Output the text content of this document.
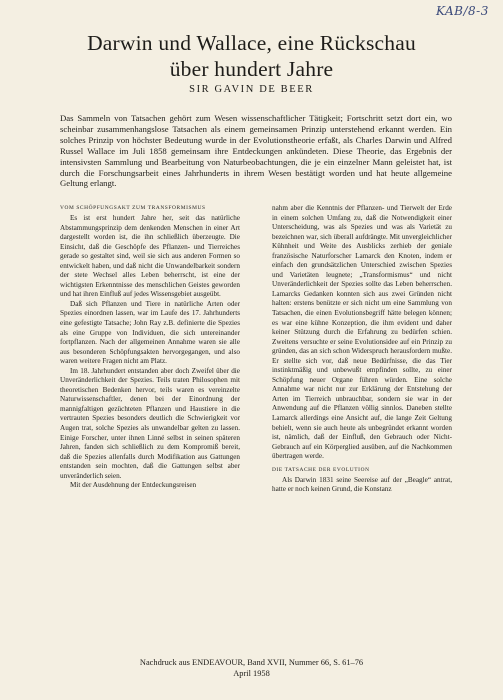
KAB/8-3
Darwin und Wallace, eine Rückschau
über hundert Jahre
SIR GAVIN DE BEER

Das Sammeln von Tatsachen gehört zum Wesen wissenschaftlicher Tätigkeit; Fortschritt setzt dort ein, wo scheinbar zusammenhangslose Tatsachen als einem gemeinsamen Prinzip unterstehend erkannt werden. Ein solches Prinzip von höchster Bedeutung wurde in der Evolutionstheorie erfaßt, als Charles Darwin und Alfred Russel Wallace im Juli 1858 gemeinsam ihre Entdeckungen ankündeten. Diese Theorie, das Ergebnis der intensivsten Sammlung und Bearbeitung von Naturbeobachtungen, die je ein einzelner Mann geleistet hat, ist durch die Forschungsarbeit eines Jahrhunderts in ihrem Wesen bestätigt worden und hat heute allgemeine Geltung erlangt.

VOM SCHÖPFUNGSAKT ZUM TRANSFORMISMUS

Es ist erst hundert Jahre her, seit das natürliche Abstammungsprinzip dem denkenden Menschen in einer Art dargestellt worden ist, die ihn schließlich überzeugte. Die Einsicht, daß die Geschöpfe des Pflanzen- und Tierreiches gerade so gestaltet sind, weil sie sich aus anderen Formen so entwickelt haben, und daß nicht die Unwandelbarkeit sondern der stete Wechsel alles Leben beherrscht, ist eine der wichtigsten Erkenntnisse des menschlichen Geistes geworden und hat ihren Einfluß auf jedes Wissensgebiet ausgeübt.

Daß sich Pflanzen und Tiere in natürliche Arten oder Spezies einordnen lassen, war im Laufe des 17. Jahrhunderts eine gefestigte Tatsache; John Ray z.B. definierte die Spezies als eine Gruppe von Individuen, die sich untereinander fortpflanzen. Nach der allgemeinen Annahme waren sie alle aus besonderen Schöpfungsakten hervorgegangen, und also waren weitere Fragen nicht am Platz.

Im 18. Jahrhundert entstanden aber doch Zweifel über die Unveränderlichkeit der Spezies. Teils traten Philosophen mit theoretischen Bedenken hervor, teils waren es vereinzelte Naturwissenschaftler, denen bei der Einordnung der mannigfaltigen gezüchteten Pflanzen und Haustiere in die vertrauten Spezies besonders deutlich die Schwierigkeit vor Augen trat, solche Spezies als unwandelbar gelten zu lassen. Einige Forscher, unter ihnen Linné selbst in seinen späteren Jahren, fanden sich schließlich zu dem Kompromiß bereit, daß die Spezies allenfalls durch Modifikation aus Gattungen entstanden sein mochten, daß die Gattungen selbst aber unveränderlich seien.

Mit der Ausdehnung der Entdeckungsreisen

nahm aber die Kenntnis der Pflanzen- und Tierwelt der Erde in einem solchen Umfang zu, daß die Notwendigkeit einer Unterscheidung, was als Spezies und was als Varietät zu bezeichnen war, sich überall aufdrängte. Mit unvergleichlicher Kühnheit und Weite des Ausblicks zerhieb der geniale französische Naturforscher Lamarck den Knoten, indem er einfach den grundsätzlichen Unterschied zwischen Spezies und Varietäten leugnete; „Transformismus“ und nicht Unveränderlichkeit der Spezies sollte das Leben beherrschen. Lamarcks Gedanken konnten sich aus zwei Gründen nicht halten: erstens benützte er sich nicht um eine Sammlung von Tatsachen, die einen Evolutionsbegriff hätte belegen können; es war eine kühne Konzeption, die ihm evident und daher keiner Stützung durch die Erfahrung zu bedürfen schien. Zweitens versuchte er seine Evolutionsidee auf ein Prinzip zu gründen, das an sich schon Widerspruch herausfordern mußte. Er stellte sich vor, daß neue Bedürfnisse, die das Tier instinktmäßig und unbewußt empfinden sollte, zu einer Schöpfung neuer Organe führen würden. Eine solche Annahme war nicht nur zur Erklärung der Entstehung der Arten im Tierreich unbrauchbar, sondern sie war in der Anwendung auf die Pflanzen völlig sinnlos. Daneben stellte Lamarck allerdings eine Ansicht auf, die lange Zeit Geltung behielt, wenn sie auch heute als unbegründet erkannt worden ist, nämlich, daß der Einfluß, den Gebrauch oder Nicht-Gebrauch auf ein Körperglied ausüben, auf die Nachkommen übertragen werde.

DIE TATSACHE DER EVOLUTION

Als Darwin 1831 seine Seereise auf der „Beagle“ antrat, hatte er noch keinen Grund, die Konstanz

Nachdruck aus ENDEAVOUR, Band XVII, Nummer 66, S. 61–76
April 1958
